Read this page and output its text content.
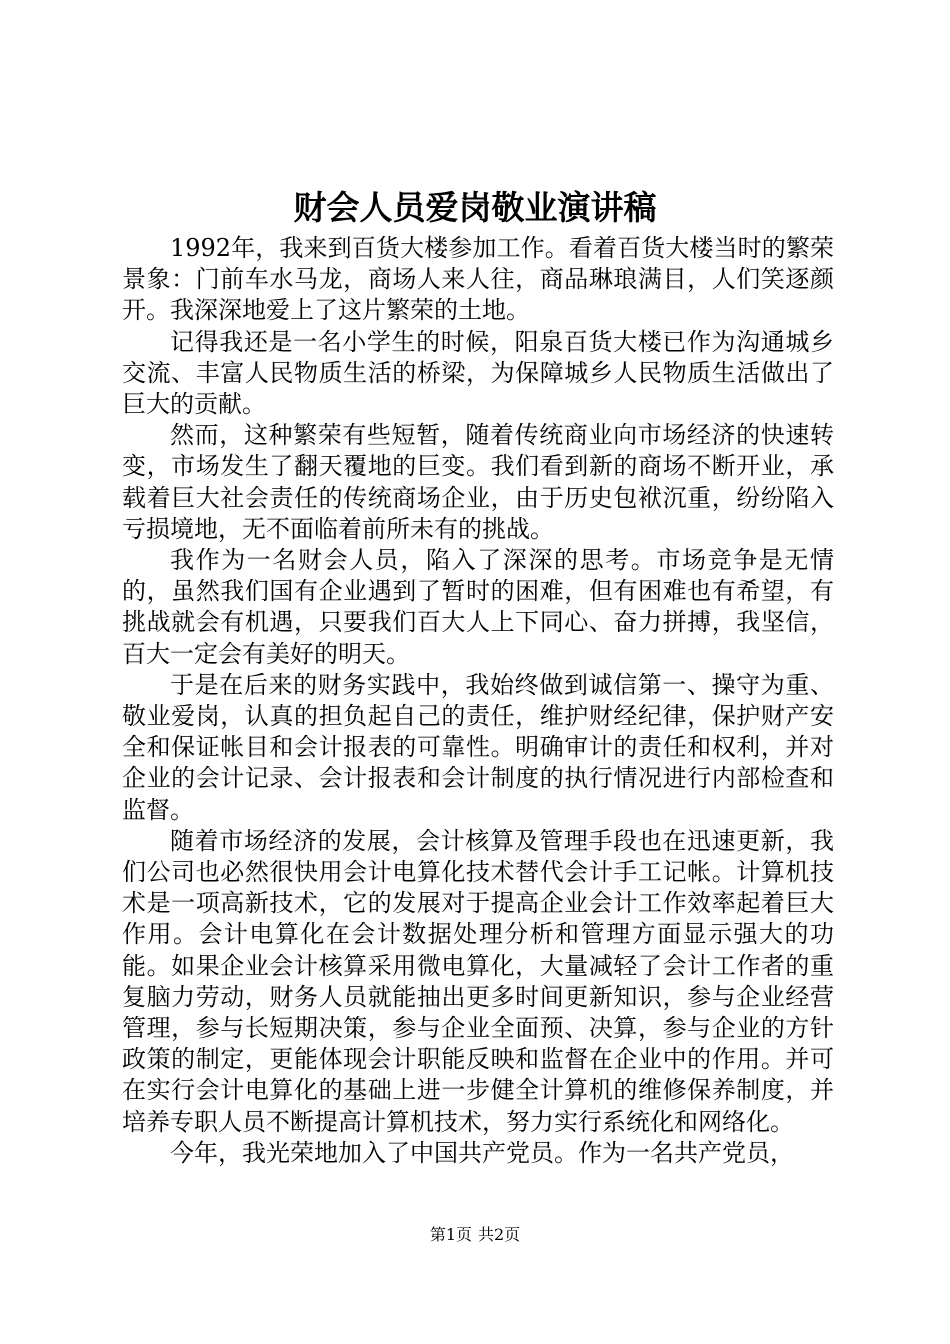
财会人员爱岗敬业演讲稿

1992年，我来到百货大楼参加工作。看着百货大楼当时的繁荣景象：门前车水马龙，商场人来人往，商品琳琅满目，人们笑逐颜开。我深深地爱上了这片繁荣的土地。

记得我还是一名小学生的时候，阳泉百货大楼已作为沟通城乡交流、丰富人民物质生活的桥梁，为保障城乡人民物质生活做出了巨大的贡献。

然而，这种繁荣有些短暂，随着传统商业向市场经济的快速转变，市场发生了翻天覆地的巨变。我们看到新的商场不断开业，承载着巨大社会责任的传统商场企业，由于历史包袱沉重，纷纷陷入亏损境地，无不面临着前所未有的挑战。

我作为一名财会人员，陷入了深深的思考。市场竞争是无情的，虽然我们国有企业遇到了暂时的困难，但有困难也有希望，有挑战就会有机遇，只要我们百大人上下同心、奋力拼搏，我坚信，百大一定会有美好的明天。

于是在后来的财务实践中，我始终做到诚信第一、操守为重、敬业爱岗，认真的担负起自己的责任，维护财经纪律，保护财产安全和保证帐目和会计报表的可靠性。明确审计的责任和权利，并对企业的会计记录、会计报表和会计制度的执行情况进行内部检查和监督。

随着市场经济的发展，会计核算及管理手段也在迅速更新，我们公司也必然很快用会计电算化技术替代会计手工记帐。计算机技术是一项高新技术，它的发展对于提高企业会计工作效率起着巨大作用。会计电算化在会计数据处理分析和管理方面显示强大的功能。如果企业会计核算采用微电算化，大量减轻了会计工作者的重复脑力劳动，财务人员就能抽出更多时间更新知识，参与企业经营管理，参与长短期决策，参与企业全面预、决算，参与企业的方针政策的制定，更能体现会计职能反映和监督在企业中的作用。并可在实行会计电算化的基础上进一步健全计算机的维修保养制度，并培养专职人员不断提高计算机技术，努力实行系统化和网络化。

今年，我光荣地加入了中国共产党员。作为一名共产党员，

第1页 共2页
